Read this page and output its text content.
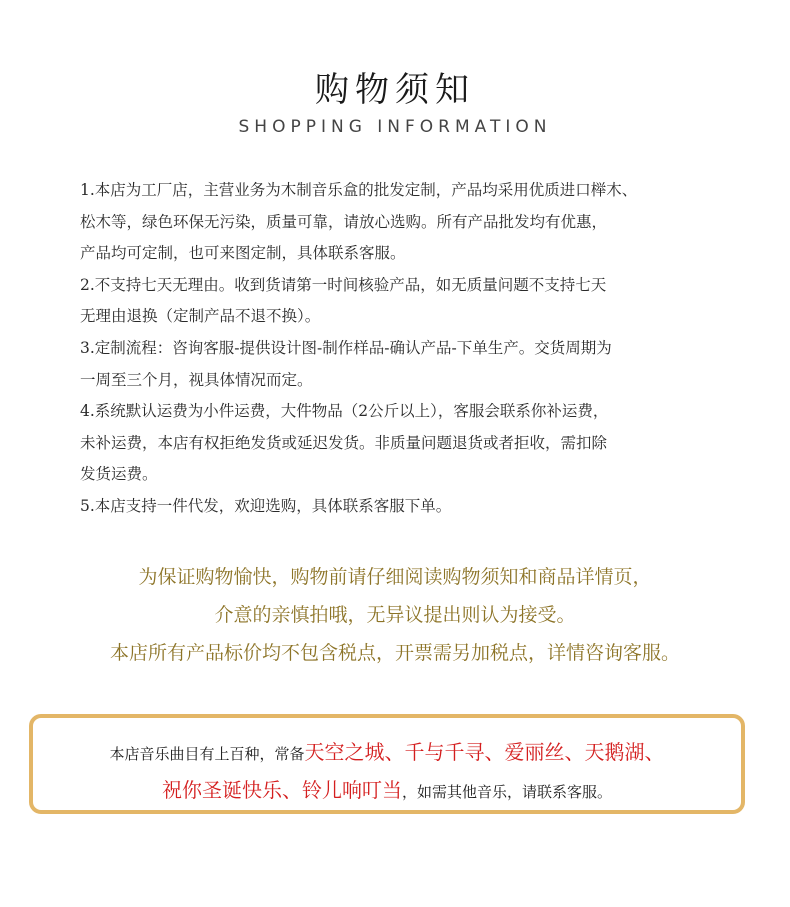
购物须知
SHOPPING INFORMATION
1.本店为工厂店，主营业务为木制音乐盒的批发定制，产品均采用优质进口榉木、
松木等，绿色环保无污染，质量可靠，请放心选购。所有产品批发均有优惠，
产品均可定制，也可来图定制，具体联系客服。
2.不支持七天无理由。收到货请第一时间核验产品，如无质量问题不支持七天
无理由退换（定制产品不退不换）。
3.定制流程：咨询客服-提供设计图-制作样品-确认产品-下单生产。交货周期为
一周至三个月，视具体情况而定。
4.系统默认运费为小件运费，大件物品（2公斤以上），客服会联系你补运费，
未补运费，本店有权拒绝发货或延迟发货。非质量问题退货或者拒收，需扣除
发货运费。
5.本店支持一件代发，欢迎选购，具体联系客服下单。
为保证购物愉快，购物前请仔细阅读购物须知和商品详情页，
介意的亲慎拍哦，无异议提出则认为接受。
本店所有产品标价均不包含税点，开票需另加税点，详情咨询客服。
本店音乐曲目有上百种，常备天空之城、千与千寻、爱丽丝、天鹅湖、
祝你圣诞快乐、铃儿响叮当，如需其他音乐，请联系客服。
